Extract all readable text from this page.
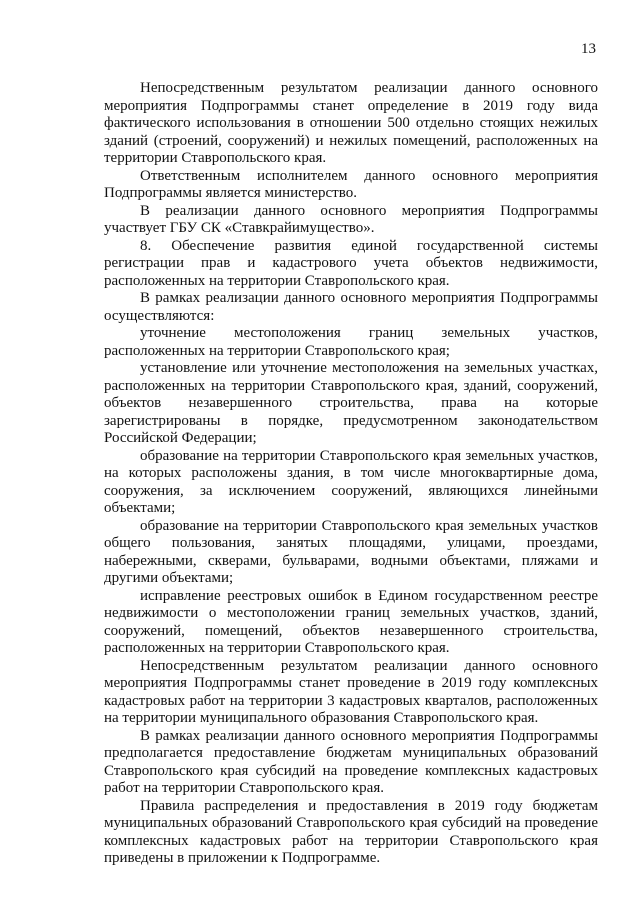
13

Непосредственным результатом реализации данного основного мероприятия Подпрограммы станет определение в 2019 году вида фактического использования в отношении 500 отдельно стоящих нежилых зданий (строений, сооружений) и нежилых помещений, расположенных на территории Ставропольского края.

Ответственным исполнителем данного основного мероприятия Подпрограммы является министерство.

В реализации данного основного мероприятия Подпрограммы участвует ГБУ СК «Ставкрайимущество».

8. Обеспечение развития единой государственной системы регистрации прав и кадастрового учета объектов недвижимости, расположенных на территории Ставропольского края.

В рамках реализации данного основного мероприятия Подпрограммы осуществляются:

уточнение местоположения границ земельных участков, расположенных на территории Ставропольского края;

установление или уточнение местоположения на земельных участках, расположенных на территории Ставропольского края, зданий, сооружений, объектов незавершенного строительства, права на которые зарегистрированы в порядке, предусмотренном законодательством Российской Федерации;

образование на территории Ставропольского края земельных участков, на которых расположены здания, в том числе многоквартирные дома, сооружения, за исключением сооружений, являющихся линейными объектами;

образование на территории Ставропольского края земельных участков общего пользования, занятых площадями, улицами, проездами, набережными, скверами, бульварами, водными объектами, пляжами и другими объектами;

исправление реестровых ошибок в Едином государственном реестре недвижимости о местоположении границ земельных участков, зданий, сооружений, помещений, объектов незавершенного строительства, расположенных на территории Ставропольского края.

Непосредственным результатом реализации данного основного мероприятия Подпрограммы станет проведение в 2019 году комплексных кадастровых работ на территории 3 кадастровых кварталов, расположенных на территории муниципального образования Ставропольского края.

В рамках реализации данного основного мероприятия Подпрограммы предполагается предоставление бюджетам муниципальных образований Ставропольского края субсидий на проведение комплексных кадастровых работ на территории Ставропольского края.

Правила распределения и предоставления в 2019 году бюджетам муниципальных образований Ставропольского края субсидий на проведение комплексных кадастровых работ на территории Ставропольского края приведены в приложении к Подпрограмме.
